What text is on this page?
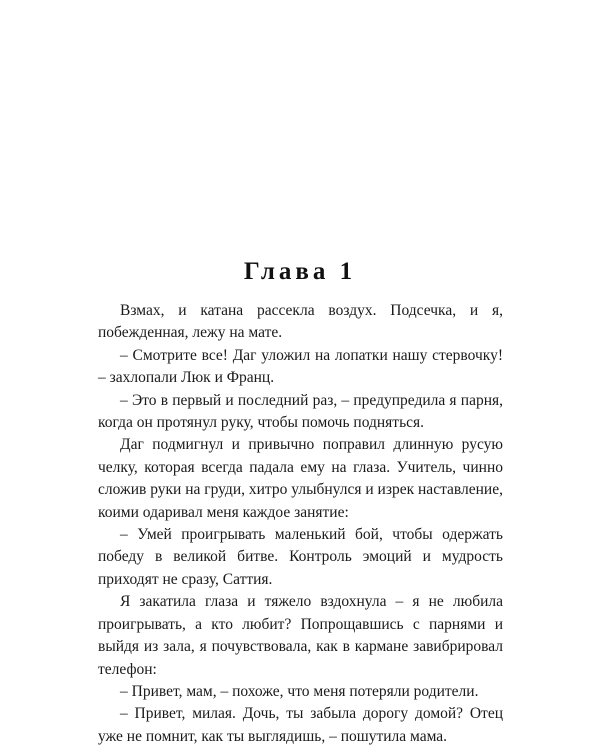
Глава 1

Взмах, и катана рассекла воздух. Подсечка, и я, побежденная, лежу на мате.

– Смотрите все! Даг уложил на лопатки нашу стервочку! – захлопали Люк и Франц.

– Это в первый и последний раз, – предупредила я парня, когда он протянул руку, чтобы помочь подняться.

Даг подмигнул и привычно поправил длинную русую челку, которая всегда падала ему на глаза. Учитель, чинно сложив руки на груди, хитро улыбнулся и изрек наставление, коими одаривал меня каждое занятие:

– Умей проигрывать маленький бой, чтобы одержать победу в великой битве. Контроль эмоций и мудрость приходят не сразу, Саттия.

Я закатила глаза и тяжело вздохнула – я не любила проигрывать, а кто любит? Попрощавшись с парнями и выйдя из зала, я почувствовала, как в кармане завибрировал телефон:

– Привет, мам, – похоже, что меня потеряли родители.

– Привет, милая. Дочь, ты забыла дорогу домой? Отец уже не помнит, как ты выглядишь, – пошутила мама.
